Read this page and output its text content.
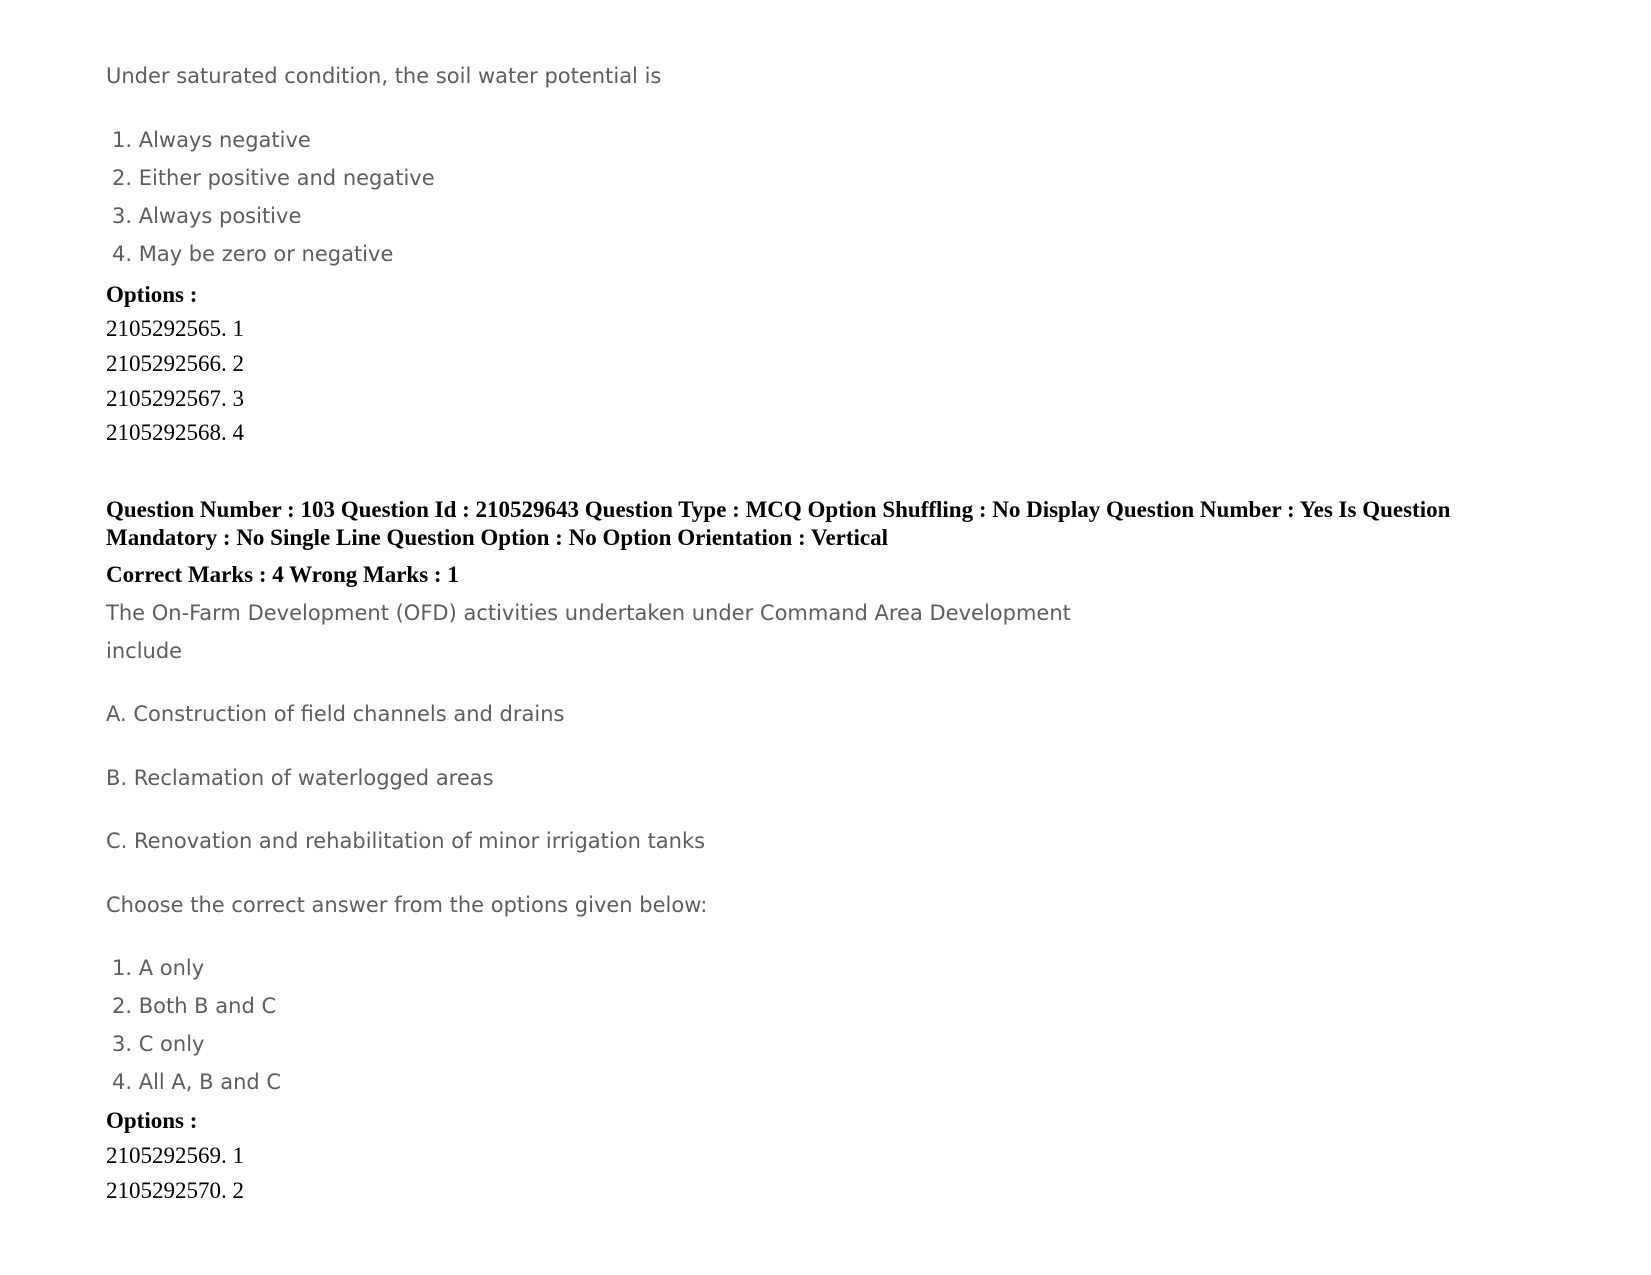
Under saturated condition, the soil water potential is
1. Always negative
2. Either positive and negative
3. Always positive
4. May be zero or negative
Options :
2105292565. 1
2105292566. 2
2105292567. 3
2105292568. 4
Question Number : 103 Question Id : 210529643 Question Type : MCQ Option Shuffling : No Display Question Number : Yes Is Question Mandatory : No Single Line Question Option : No Option Orientation : Vertical
Correct Marks : 4 Wrong Marks : 1
The On-Farm Development (OFD) activities undertaken under Command Area Development
include
A. Construction of field channels and drains
B. Reclamation of waterlogged areas
C. Renovation and rehabilitation of minor irrigation tanks
Choose the correct answer from the options given below:
1. A only
2. Both B and C
3. C only
4. All A, B and C
Options :
2105292569. 1
2105292570. 2
